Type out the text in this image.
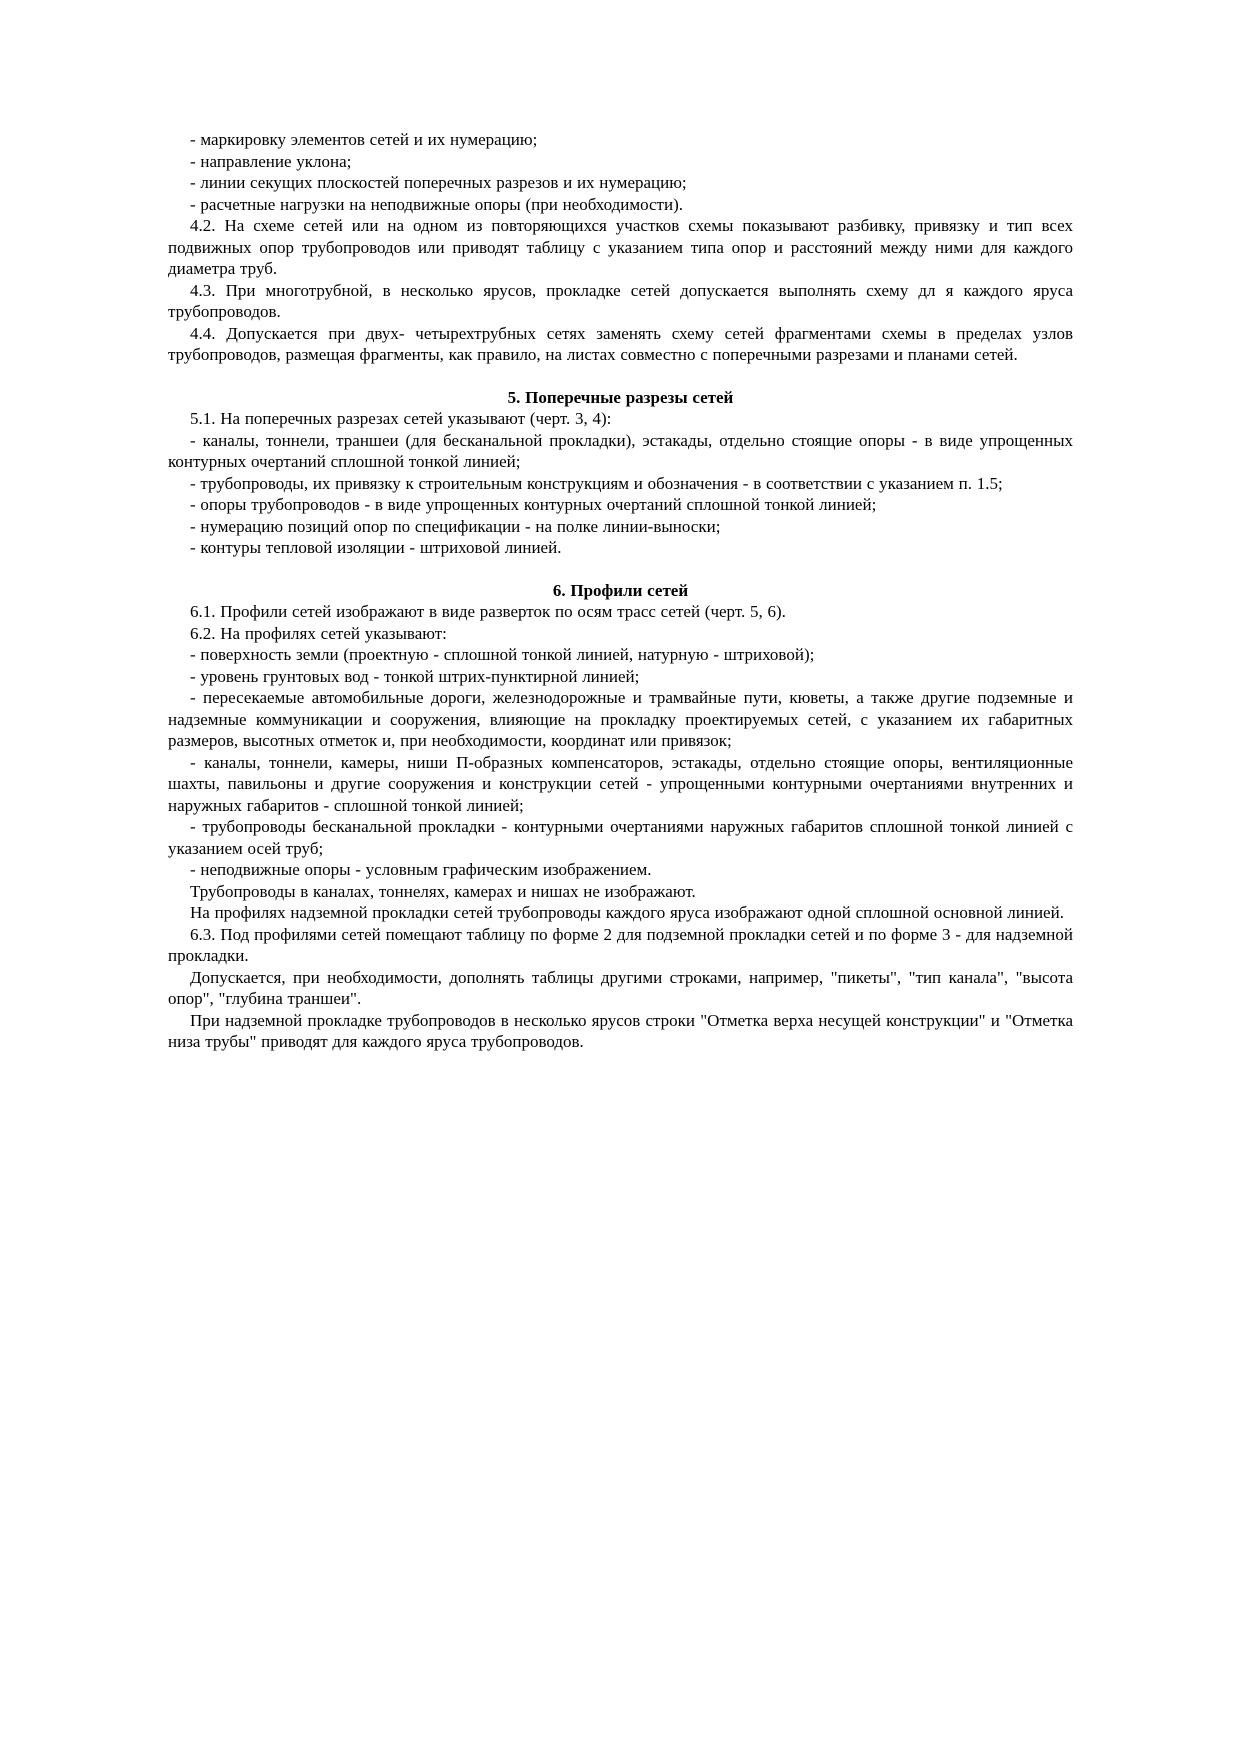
- маркировку элементов сетей и их нумерацию;

- направление уклона;

- линии секущих плоскостей поперечных разрезов и их нумерацию;

- расчетные нагрузки на неподвижные опоры (при необходимости).

4.2. На схеме сетей или на одном из повторяющихся участков схемы показывают разбивку, привязку и тип всех подвижных опор трубопроводов или приводят таблицу с указанием типа опор и расстояний между ними для каждого диаметра труб.

4.3. При многотрубной, в несколько ярусов, прокладке сетей допускается выполнять схему дл я каждого яруса трубопроводов.

4.4. Допускается при двух- четырехтрубных сетях заменять схему сетей фрагментами схемы в пределах узлов трубопроводов, размещая фрагменты, как правило, на листах совместно с поперечными разрезами и планами сетей.

5. Поперечные разрезы сетей

5.1. На поперечных разрезах сетей указывают (черт. 3, 4):

- каналы, тоннели, траншеи (для бесканальной прокладки), эстакады, отдельно стоящие опоры - в виде упрощенных контурных очертаний сплошной тонкой линией;

- трубопроводы, их привязку к строительным конструкциям и обозначения - в соответствии с указанием п. 1.5;

- опоры трубопроводов - в виде упрощенных контурных очертаний сплошной тонкой линией;

- нумерацию позиций опор по спецификации - на полке линии-выноски;

- контуры тепловой изоляции - штриховой линией.

6. Профили сетей

6.1. Профили сетей изображают в виде разверток по осям трасс сетей (черт. 5, 6).

6.2. На профилях сетей указывают:

- поверхность земли (проектную - сплошной тонкой линией, натурную - штриховой);

- уровень грунтовых вод - тонкой штрих-пунктирной линией;

- пересекаемые автомобильные дороги, железнодорожные и трамвайные пути, кюветы, а также другие подземные и надземные коммуникации и сооружения, влияющие на прокладку проектируемых сетей, с указанием их габаритных размеров, высотных отметок и, при необходимости, координат или привязок;

- каналы, тоннели, камеры, ниши П-образных компенсаторов, эстакады, отдельно стоящие опоры, вентиляционные шахты, павильоны и другие сооружения и конструкции сетей - упрощенными контурными очертаниями внутренних и наружных габаритов - сплошной тонкой линией;

- трубопроводы бесканальной прокладки - контурными очертаниями наружных габаритов сплошной тонкой линией с указанием осей труб;

- неподвижные опоры - условным графическим изображением.

Трубопроводы в каналах, тоннелях, камерах и нишах не изображают.

На профилях надземной прокладки сетей трубопроводы каждого яруса изображают одной сплошной основной линией.

6.3. Под профилями сетей помещают таблицу по форме 2 для подземной прокладки сетей и по форме 3 - для надземной прокладки.

Допускается, при необходимости, дополнять таблицы другими строками, например, "пикеты", "тип канала", "высота опор", "глубина траншеи".

При надземной прокладке трубопроводов в несколько ярусов строки "Отметка верха несущей конструкции" и "Отметка низа трубы" приводят для каждого яруса трубопроводов.
